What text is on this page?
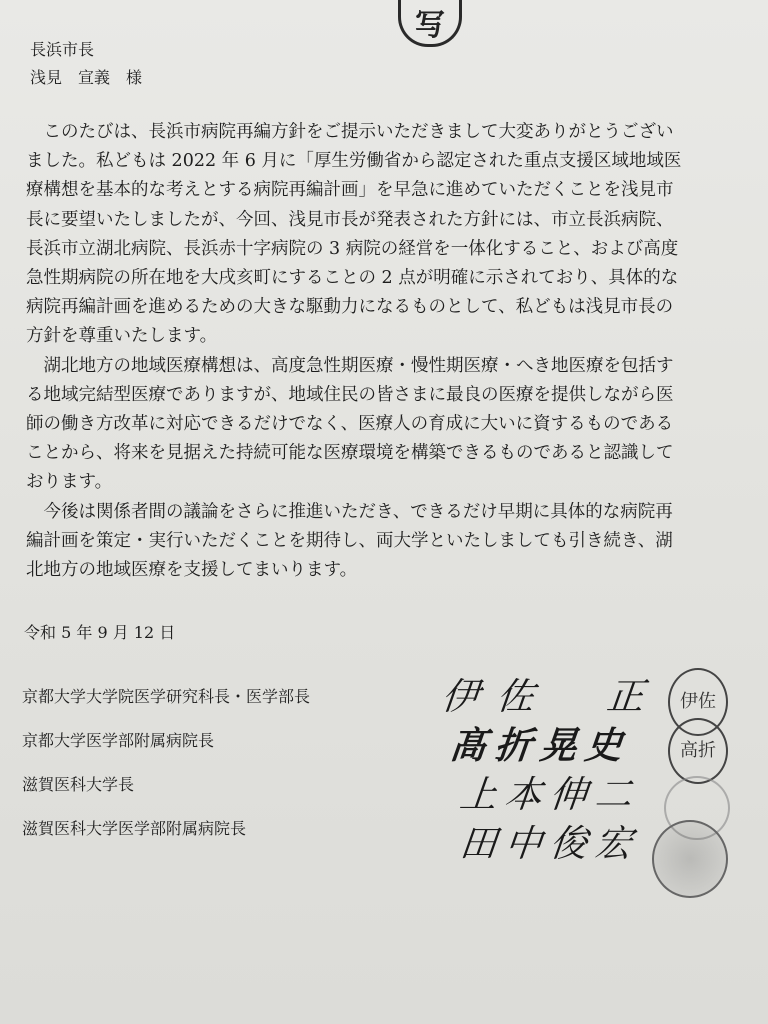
写
長浜市長
浅見　宣義　様
　このたびは、長浜市病院再編方針をご提示いただきまして大変ありがとうござい
ました。私どもは 2022 年 6 月に「厚生労働省から認定された重点支援区域地域医
療構想を基本的な考えとする病院再編計画」を早急に進めていただくことを浅見市
長に要望いたしましたが、今回、浅見市長が発表された方針には、市立長浜病院、
長浜市立湖北病院、長浜赤十字病院の 3 病院の経営を一体化すること、および高度
急性期病院の所在地を大戌亥町にすることの 2 点が明確に示されており、具体的な
病院再編計画を進めるための大きな駆動力になるものとして、私どもは浅見市長の
方針を尊重いたします。
　湖北地方の地域医療構想は、高度急性期医療・慢性期医療・へき地医療を包括す
る地域完結型医療でありますが、地域住民の皆さまに最良の医療を提供しながら医
師の働き方改革に対応できるだけでなく、医療人の育成に大いに資するものである
ことから、将来を見据えた持続可能な医療環境を構築できるものであると認識して
おります。
　今後は関係者間の議論をさらに推進いただき、できるだけ早期に具体的な病院再
編計画を策定・実行いただくことを期待し、両大学といたしましても引き続き、湖
北地方の地域医療を支援してまいります。
令和 5 年 9 月 12 日
京都大学大学院医学研究科長・医学部長
京都大学医学部附属病院長
滋賀医科大学長
滋賀医科大学医学部附属病院長
伊佐　正
髙折晃史
上本伸二
田中俊宏
伊佐
高折
